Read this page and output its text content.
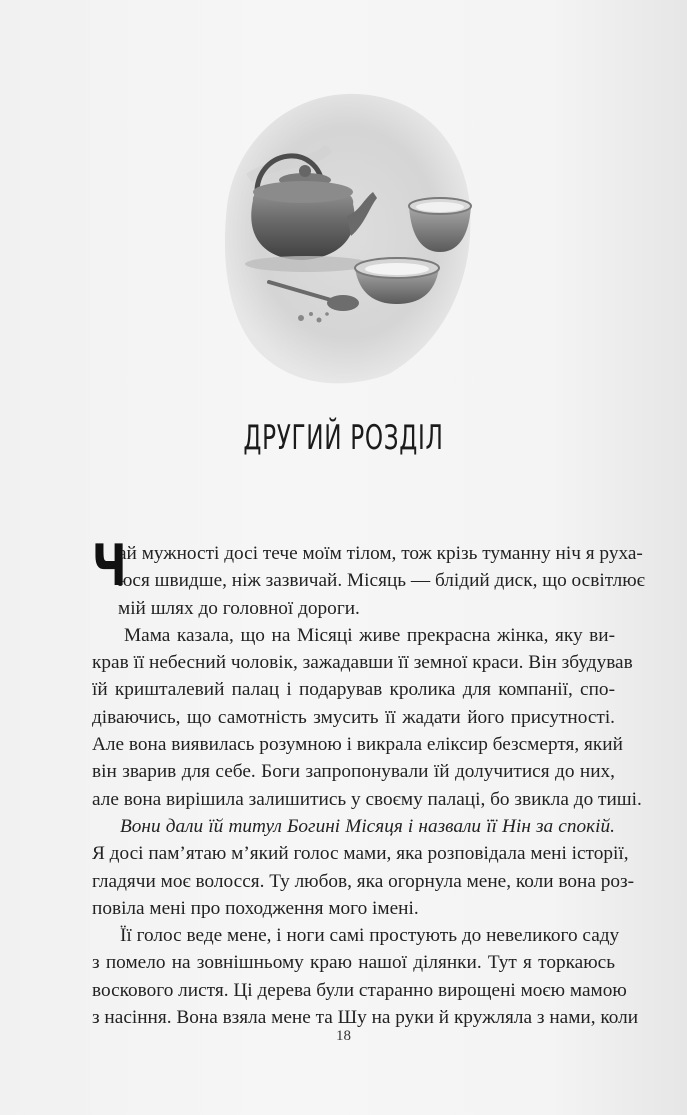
ДРУГИЙ РОЗДІЛ
Ч
ай мужності досі тече моїм тілом, тож крізь туманну ніч я руха-
юся швидше, ніж зазвичай. Місяць — блідий диск, що освітлює
мій шлях до головної дороги.
Мама казала, що на Місяці живе прекрасна жінка, яку ви-
крав її небесний чоловік, зажадавши її земної краси. Він збудував
їй кришталевий палац і подарував кролика для компанії, спо-
діваючись, що самотність змусить її жадати його присутності.
Але вона виявилась розумною і викрала еліксир безсмертя, який
він зварив для себе. Боги запропонували їй долучитися до них,
але вона вирішила залишитись у своєму палаці, бо звикла до тиші.
Вони дали їй титул Богині Місяця і назвали її Нін за спокій.
Я досі пам’ятаю м’який голос мами, яка розповідала мені історії,
гладячи моє волосся. Ту любов, яка огорнула мене, коли вона роз-
повіла мені про походження мого імені.
Її голос веде мене, і ноги самі простують до невеликого саду
з помело на зовнішньому краю нашої ділянки. Тут я торкаюсь
воскового листя. Ці дерева були старанно вирощені моєю мамою
з насіння. Вона взяла мене та Шу на руки й кружляла з нами, коли
18
